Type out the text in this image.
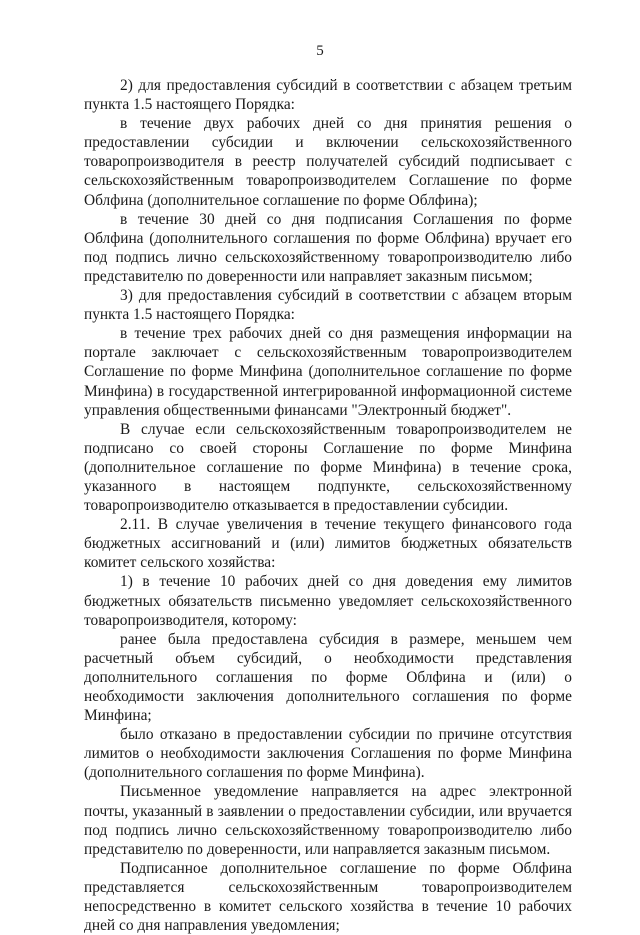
5

2) для предоставления субсидий в соответствии с абзацем третьим пункта 1.5 настоящего Порядка:

в течение двух рабочих дней со дня принятия решения о предоставлении субсидии и включении сельскохозяйственного товаропроизводителя в реестр получателей субсидий подписывает с сельскохозяйственным товаропроизводителем Соглашение по форме Облфина (дополнительное соглашение по форме Облфина);

в течение 30 дней со дня подписания Соглашения по форме Облфина (дополнительного соглашения по форме Облфина) вручает его под подпись лично сельскохозяйственному товаропроизводителю либо представителю по доверенности или направляет заказным письмом;

3) для предоставления субсидий в соответствии с абзацем вторым пункта 1.5 настоящего Порядка:

в течение трех рабочих дней со дня размещения информации на портале заключает с сельскохозяйственным товаропроизводителем Соглашение по форме Минфина (дополнительное соглашение по форме Минфина) в государственной интегрированной информационной системе управления общественными финансами "Электронный бюджет".

В случае если сельскохозяйственным товаропроизводителем не подписано со своей стороны Соглашение по форме Минфина (дополнительное соглашение по форме Минфина) в течение срока, указанного в настоящем подпункте, сельскохозяйственному товаропроизводителю отказывается в предоставлении субсидии.

2.11. В случае увеличения в течение текущего финансового года бюджетных ассигнований и (или) лимитов бюджетных обязательств комитет сельского хозяйства:

1) в течение 10 рабочих дней со дня доведения ему лимитов бюджетных обязательств письменно уведомляет сельскохозяйственного товаропроизводителя, которому:

ранее была предоставлена субсидия в размере, меньшем чем расчетный объем субсидий, о необходимости представления дополнительного соглашения по форме Облфина и (или) о необходимости заключения дополнительного соглашения по форме Минфина;

было отказано в предоставлении субсидии по причине отсутствия лимитов о необходимости заключения Соглашения по форме Минфина (дополнительного соглашения по форме Минфина).

Письменное уведомление направляется на адрес электронной почты, указанный в заявлении о предоставлении субсидии, или вручается под подпись лично сельскохозяйственному товаропроизводителю либо представителю по доверенности, или направляется заказным письмом.

Подписанное дополнительное соглашение по форме Облфина представляется сельскохозяйственным товаропроизводителем непосредственно в комитет сельского хозяйства в течение 10 рабочих дней со дня направления уведомления;
